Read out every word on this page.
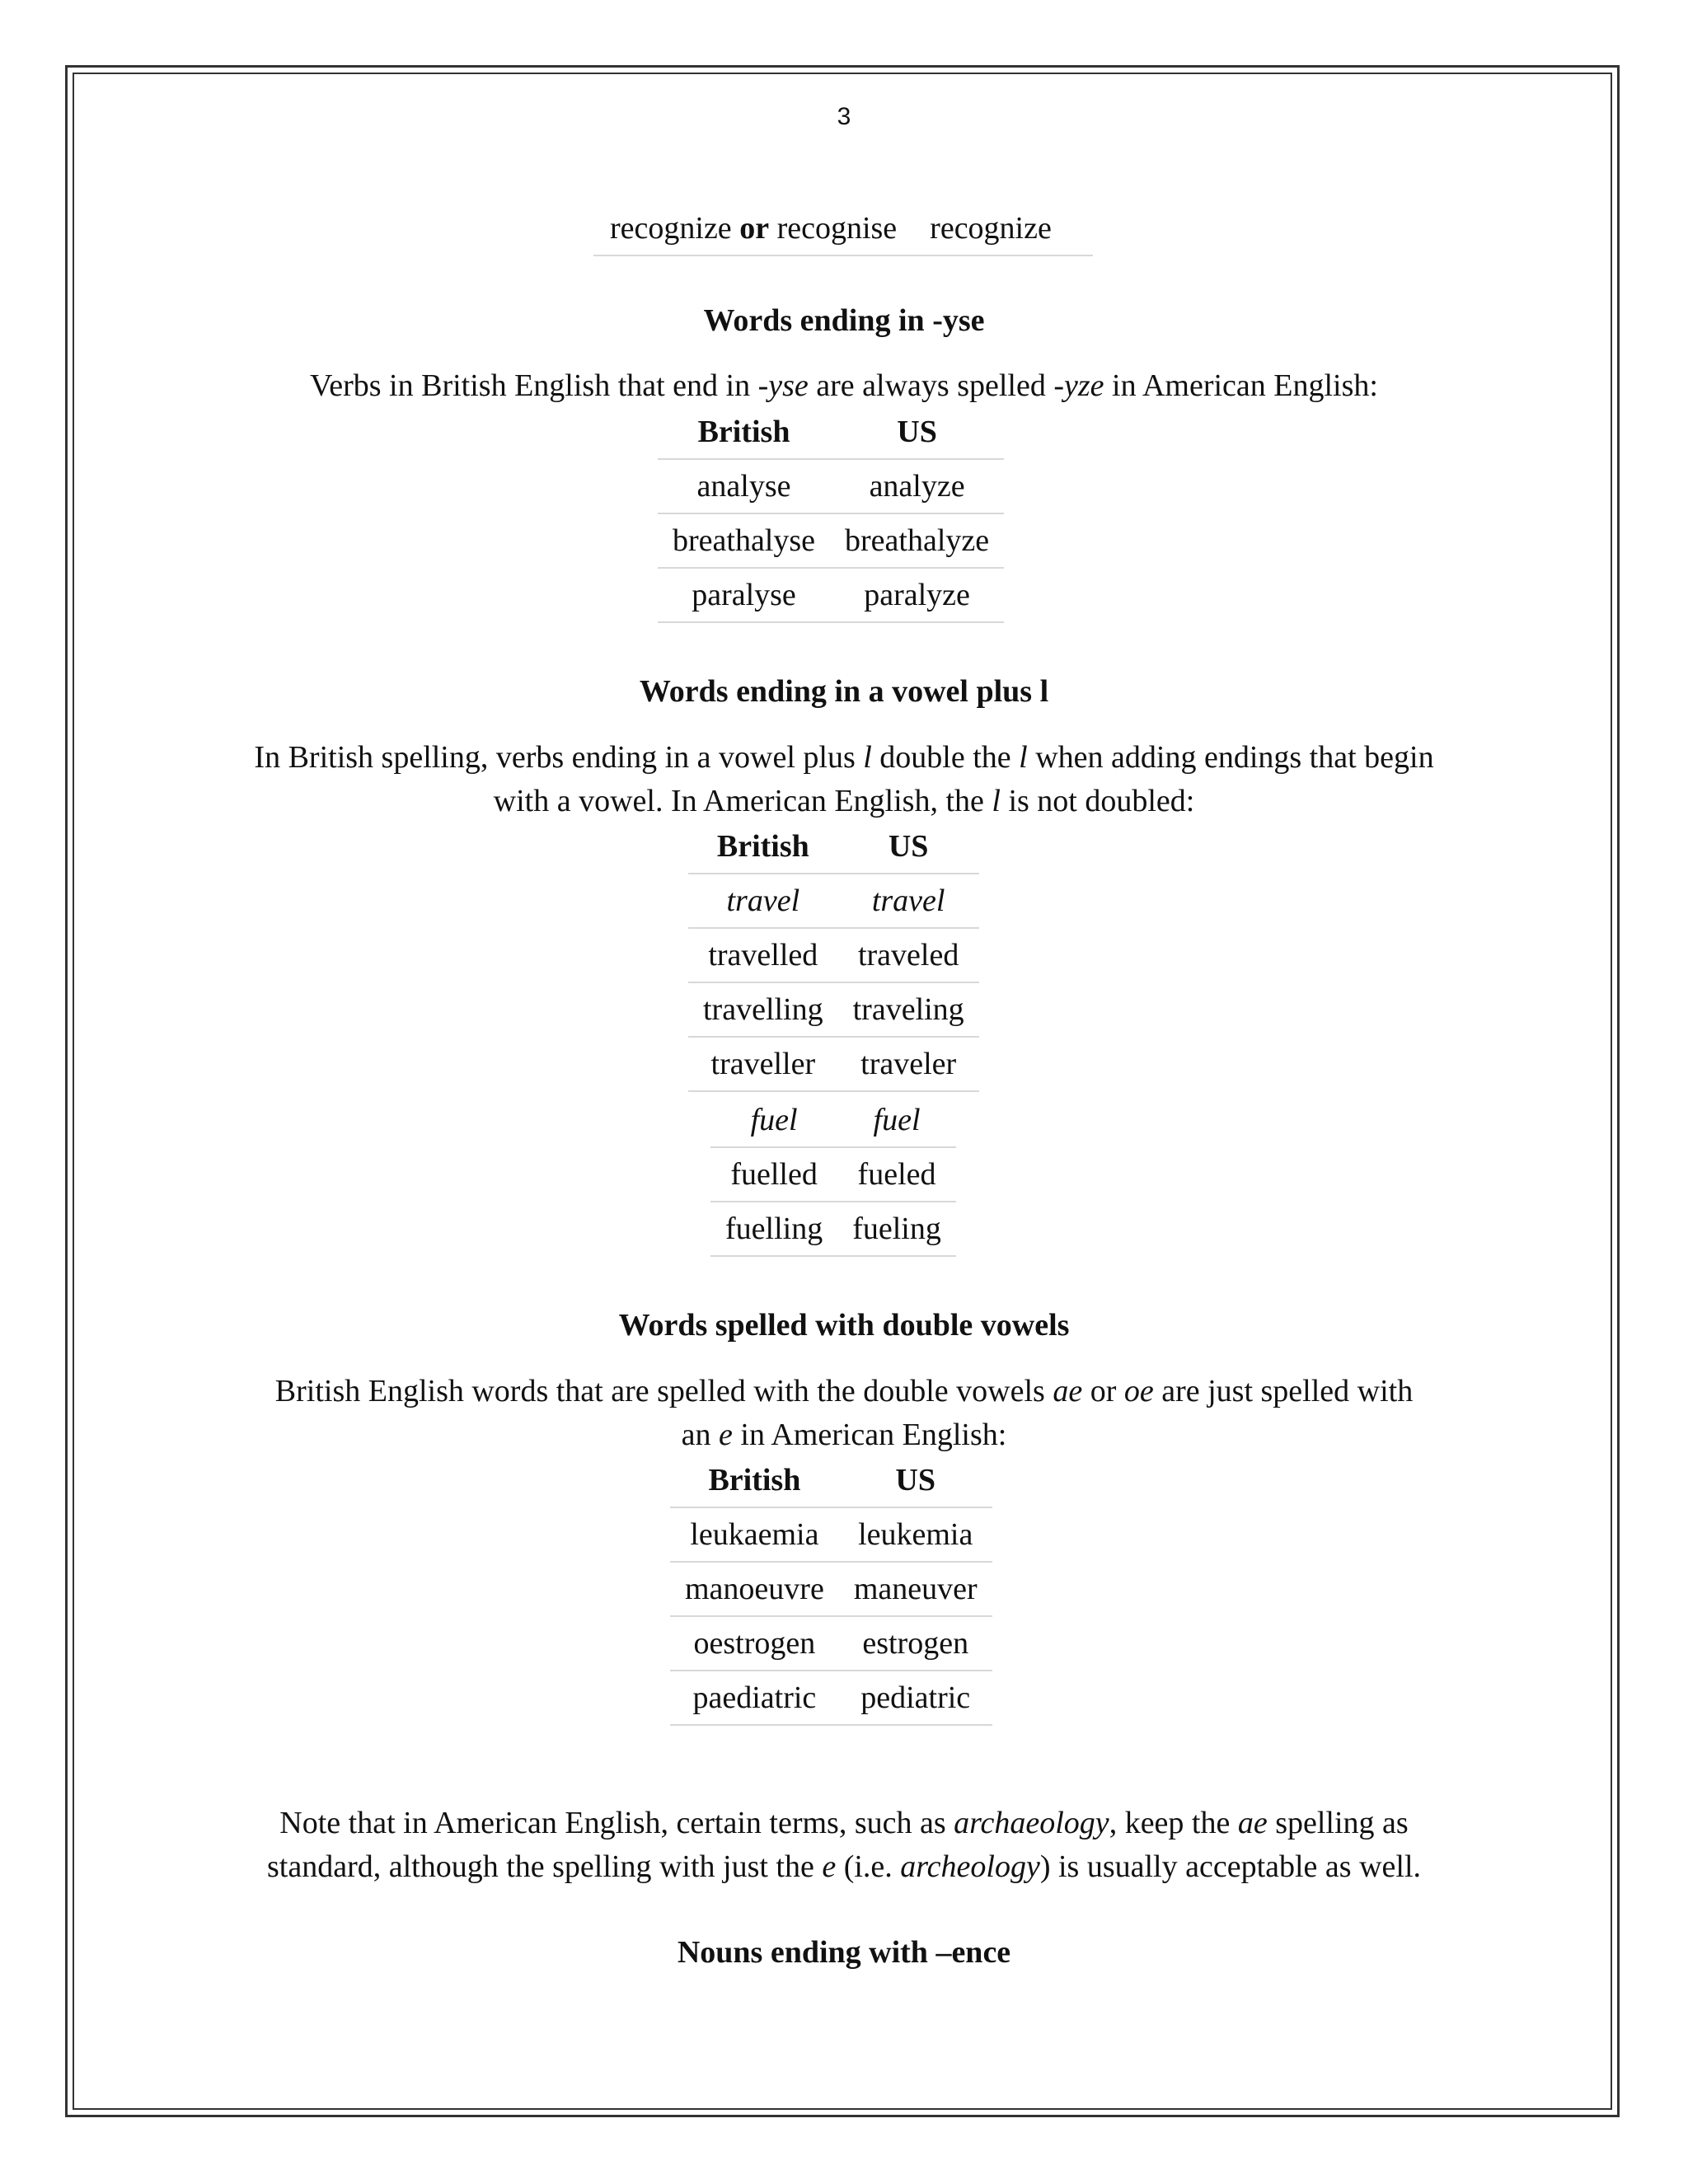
3
recognize or recognise recognize
Words ending in -yse
Verbs in British English that end in -yse are always spelled -yze in American English:
British	US
analyse	analyze
breathalyse	breathalyze
paralyse	paralyze
Words ending in a vowel plus l
In British spelling, verbs ending in a vowel plus l double the l when adding endings that begin
with a vowel. In American English, the l is not doubled:
British	US
travel	travel
travelled	traveled
travelling	traveling
traveller	traveler
fuel	fuel
fuelled	fueled
fuelling	fueling
Words spelled with double vowels
British English words that are spelled with the double vowels ae or oe are just spelled with
an e in American English:
British	US
leukaemia	leukemia
manoeuvre	maneuver
oestrogen	estrogen
paediatric	pediatric
Note that in American English, certain terms, such as archaeology, keep the ae spelling as
standard, although the spelling with just the e (i.e. archeology) is usually acceptable as well.
Nouns ending with –ence
